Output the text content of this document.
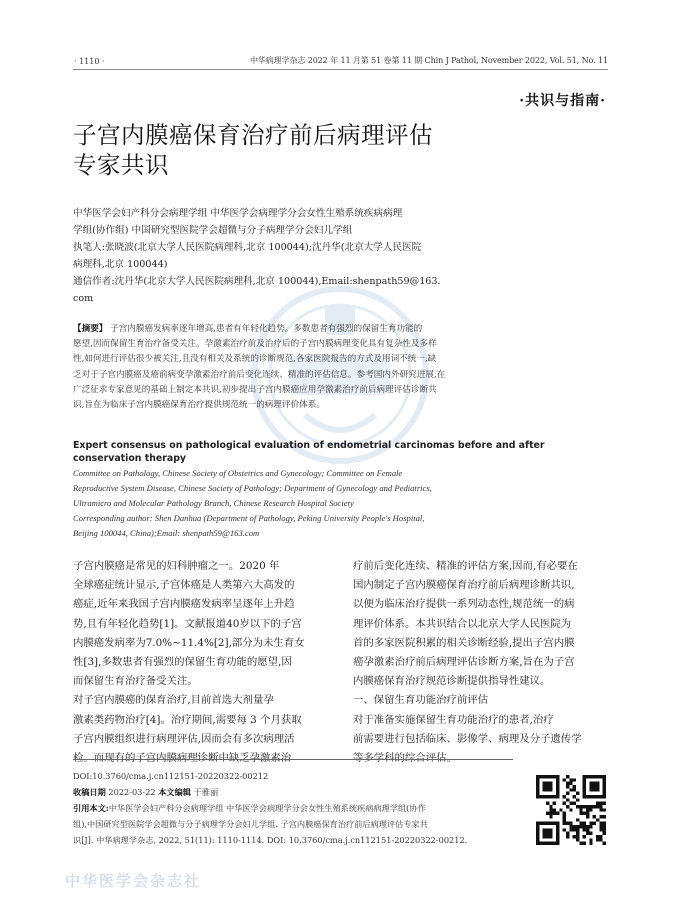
· 1110 ·	中华病理学杂志 2022 年 11 月第 51 卷第 11 期 Chin J Pathol, November 2022, Vol. 51, No. 11
·共识与指南·
子宫内膜癌保育治疗前后病理评估
专家共识
中华医学会妇产科分会病理学组 中华医学会病理学分会女性生殖系统疾病病理
学组(协作组) 中国研究型医院学会超微与分子病理学分会妇儿学组
执笔人:张晓波(北京大学人民医院病理科,北京 100044);沈丹华(北京大学人民医院
病理科,北京 100044)
通信作者:沈丹华(北京大学人民医院病理科,北京 100044),Email:shenpath59@163.
com
【摘要】 子宫内膜癌发病率逐年增高,患者有年轻化趋势。多数患者有强烈的保留生育功能的
愿望,因而保留生育治疗备受关注。孕激素治疗前及治疗后的子宫内膜病理变化具有复杂性及多样
性,如何进行评估很少被关注,且没有相关及系统的诊断规范,各家医院报告的方式及用词不统一,缺
乏对于子宫内膜癌及癌前病变孕激素治疗前后变化连续、精准的评估信息。参考国内外研究进展,在
广泛征求专家意见的基础上制定本共识,初步提出子宫内膜癌应用孕激素治疗前后病理评估诊断共
识,旨在为临床子宫内膜癌保育治疗提供规范统一的病理评价体系。
Expert consensus on pathological evaluation of endometrial carcinomas before and after
conservation therapy
Committee on Pathology, Chinese Society of Obstetrics and Gynecology; Committee on Female
Reproductive System Disease, Chinese Society of Pathology; Department of Gynecology and Pediatrics,
Ultramicro and Molecular Pathology Branch, Chinese Research Hospital Society
Corresponding author: Shen Danhua (Department of Pathology, Peking University People's Hospital,
Beijing 100044, China);Email: shenpath59@163.com
子宫内膜癌是常见的妇科肿瘤之一。2020 年
全球癌症统计显示,子宫体癌是人类第六大高发的
癌症,近年来我国子宫内膜癌发病率呈逐年上升趋
势,且有年轻化趋势[1]。文献报道40岁以下的子宫
内膜癌发病率为7.0%~11.4%[2],部分为未生育女
性[3],多数患者有强烈的保留生育功能的愿望,因
而保留生育治疗备受关注。
对子宫内膜癌的保育治疗,目前首选大剂量孕
激素类药物治疗[4]。治疗期间,需要每 3 个月获取
子宫内膜组织进行病理评估,因而会有多次病理活
检。而现有的子宫内膜病理诊断中缺乏孕激素治
疗前后变化连续、精准的评估方案,因而,有必要在
国内制定子宫内膜癌保育治疗前后病理诊断共识,
以便为临床治疗提供一系列动态性,规范统一的病
理评价体系。本共识结合以北京大学人民医院为
首的多家医院积累的相关诊断经验,提出子宫内膜
癌孕激素治疗前后病理评估诊断方案,旨在为子宫
内膜癌保育治疗规范诊断提供指导性建议。
一、保留生育功能治疗前评估
对于准备实施保留生育功能治疗的患者,治疗
前需要进行包括临床、影像学、病理及分子遗传学
等多学科的综合评估。
DOI:10.3760/cma.j.cn112151-20220322-00212
收稿日期 2022-03-22 本文编辑 于雅丽
引用本文:中华医学会妇产科分会病理学组 中华医学会病理学分会女性生殖系统疾病病理学组(协作
组),中国研究型医院学会超微与分子病理学分会妇儿学组. 子宫内膜癌保育治疗前后病理评估专家共
识[J]. 中华病理学杂志, 2022, 51(11): 1110-1114. DOI: 10.3760/cma.j.cn112151-20220322-00212.
中华医学会杂志社
